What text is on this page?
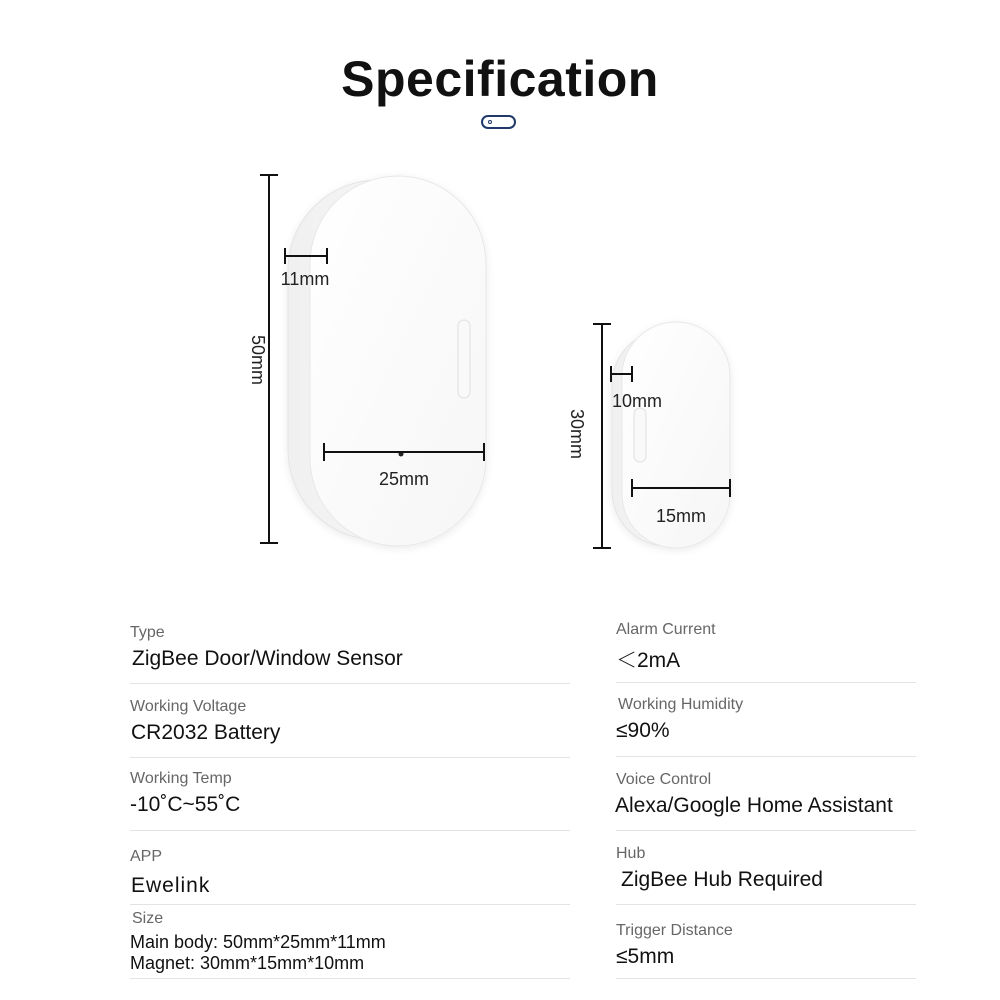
Specification
50mm
11mm
25mm
30mm
10mm
15mm
Type
ZigBee Door/Window Sensor
Working Voltage
CR2032 Battery
Working Temp
-10˚C~55˚C
APP
Ewelink
Size
Main body: 50mm*25mm*11mm
Magnet: 30mm*15mm*10mm
Alarm Current
＜2mA
Working Humidity
≤90%
Voice Control
Alexa/Google Home Assistant
Hub
ZigBee Hub Required
Trigger Distance
≤5mm
